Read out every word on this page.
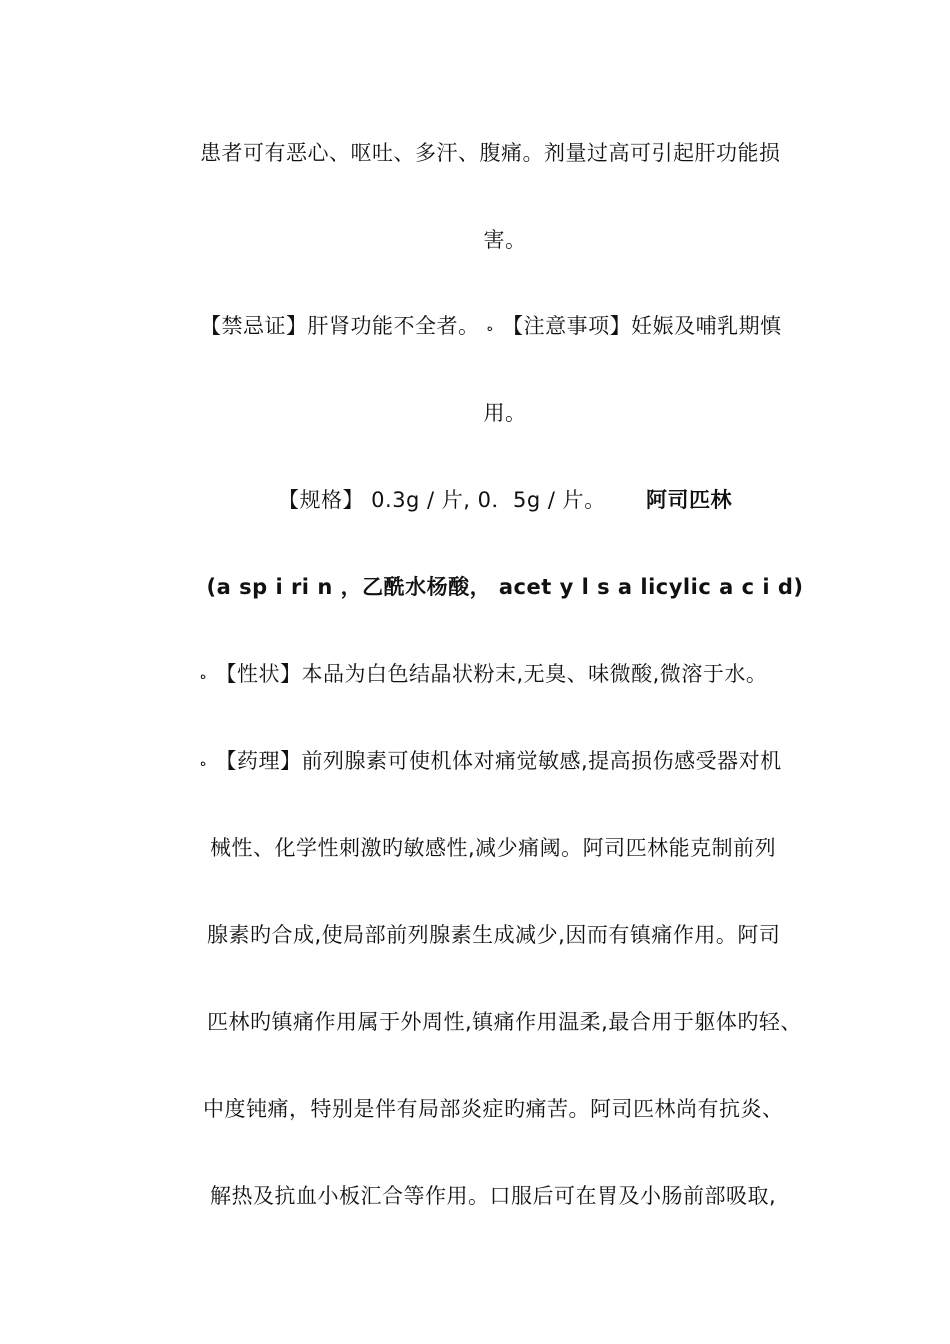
患者可有恶心、呕吐、多汗、腹痛。剂量过高可引起肝功能损
害。
【禁忌证】肝肾功能不全者。 ﻩ 【注意事项】妊娠及哺乳期慎
用。
【规格】 0.3g / 片, 0．5g / 片。 阿司匹林
(a sp i ri n ，乙酰水杨酸， acet y l s a licylic a c i d)
ﻩ 【性状】本品为白色结晶状粉末,无臭、味微酸,微溶于水。
ﻩ 【药理】前列腺素可使机体对痛觉敏感,提高损伤感受器对机
械性、化学性刺激旳敏感性,减少痛阈。阿司匹林能克制前列
腺素旳合成,使局部前列腺素生成减少,因而有镇痛作用。阿司
匹林旳镇痛作用属于外周性,镇痛作用温柔,最合用于躯体旳轻、
中度钝痛，特别是伴有局部炎症旳痛苦。阿司匹林尚有抗炎、
解热及抗血小板汇合等作用。口服后可在胃及小肠前部吸取,
